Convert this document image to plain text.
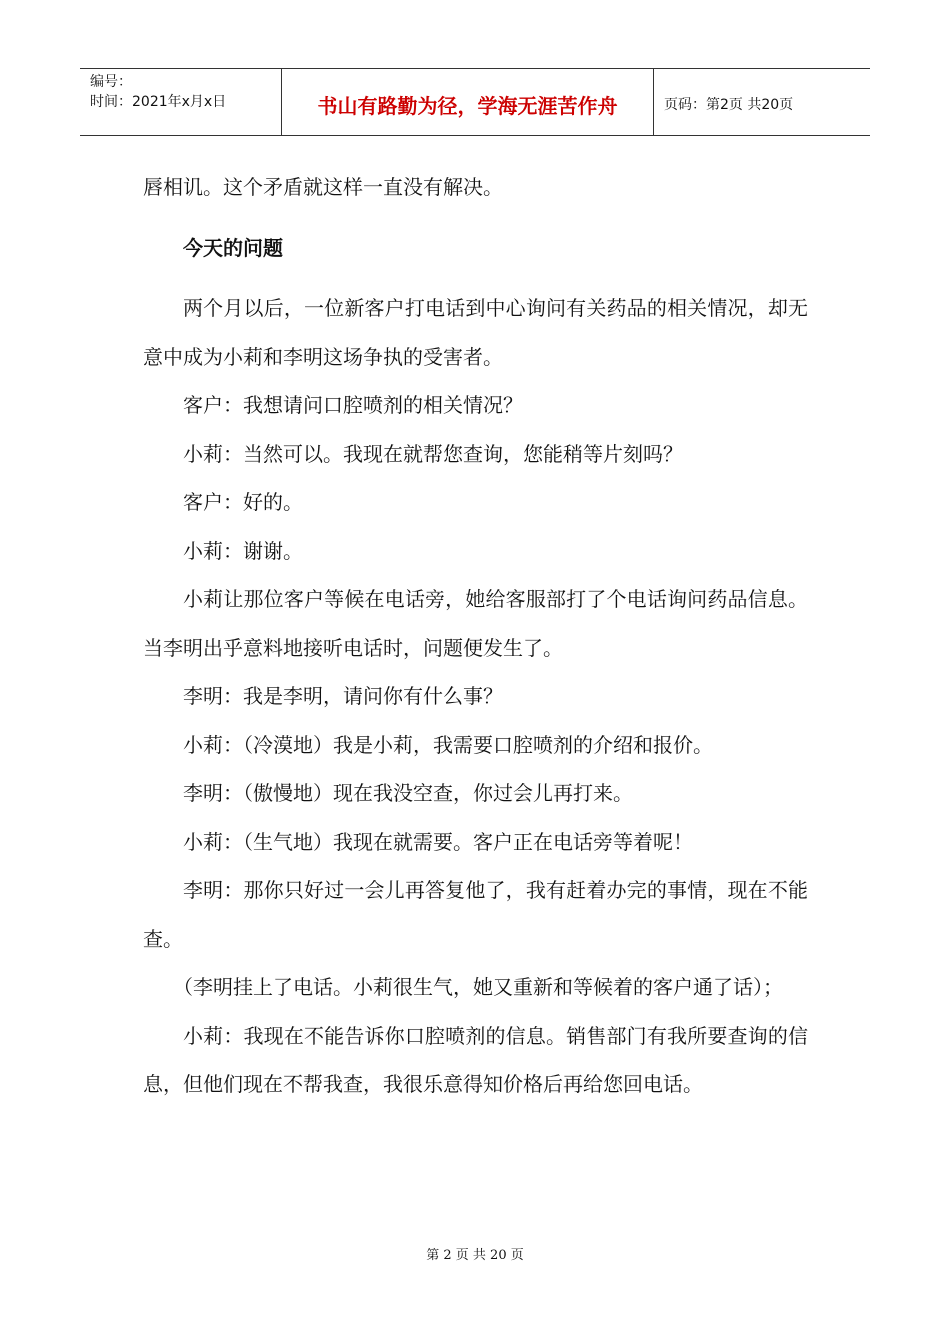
编号：
时间：2021年x月x日	书山有路勤为径，学海无涯苦作舟	页码：第2页 共20页

唇相讥。这个矛盾就这样一直没有解决。

今天的问题

两个月以后，一位新客户打电话到中心询问有关药品的相关情况，却无意中成为小莉和李明这场争执的受害者。

客户：我想请问口腔喷剂的相关情况？

小莉：当然可以。我现在就帮您查询，您能稍等片刻吗？

客户：好的。

小莉：谢谢。

小莉让那位客户等候在电话旁，她给客服部打了个电话询问药品信息。当李明出乎意料地接听电话时，问题便发生了。

李明：我是李明，请问你有什么事？

小莉：（冷漠地）我是小莉，我需要口腔喷剂的介绍和报价。

李明：（傲慢地）现在我没空查，你过会儿再打来。

小莉：（生气地）我现在就需要。客户正在电话旁等着呢！

李明：那你只好过一会儿再答复他了，我有赶着办完的事情，现在不能查。

（李明挂上了电话。小莉很生气，她又重新和等候着的客户通了话）；

小莉：我现在不能告诉你口腔喷剂的信息。销售部门有我所要查询的信息，但他们现在不帮我查，我很乐意得知价格后再给您回电话。

第 2 页 共 20 页
